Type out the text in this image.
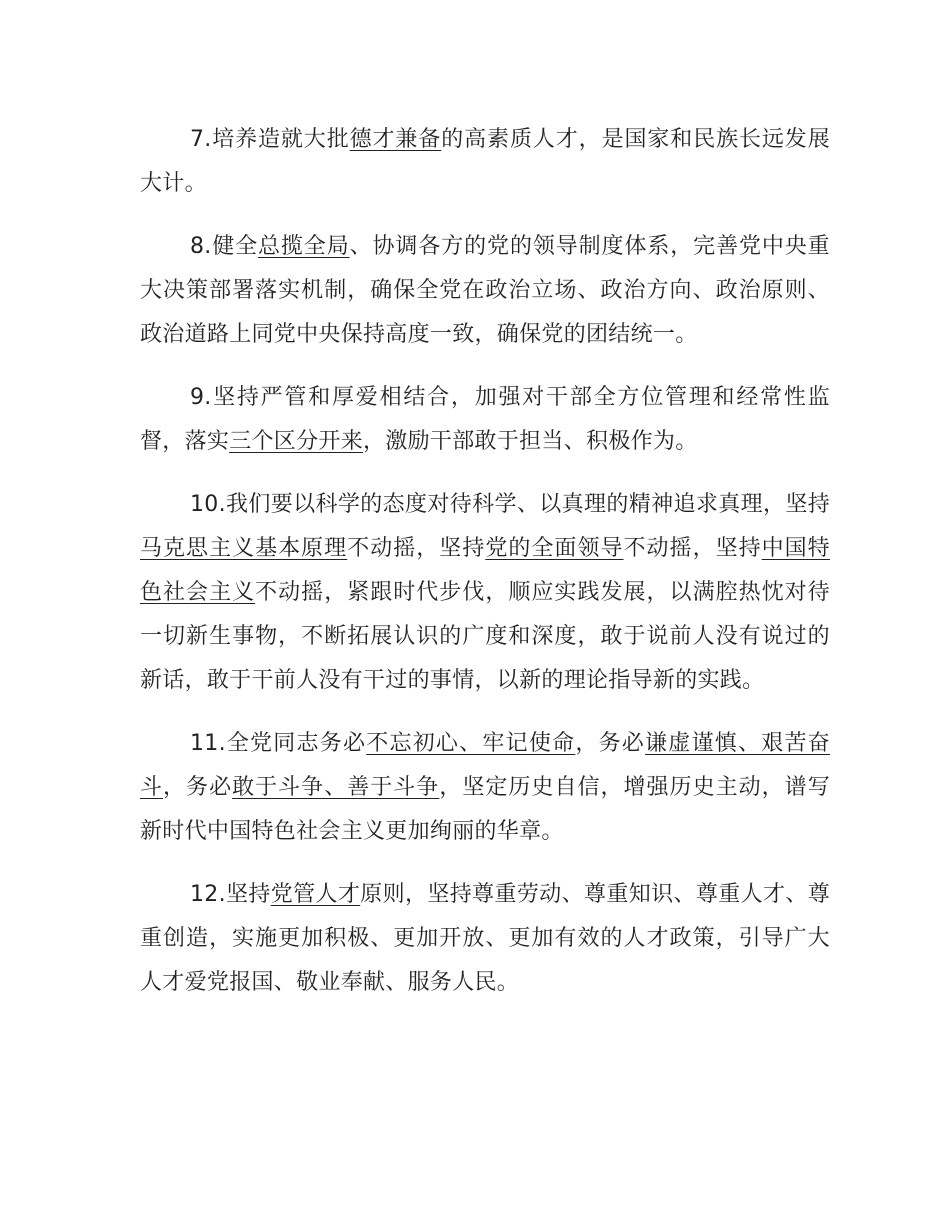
7.培养造就大批德才兼备的高素质人才，是国家和民族长远发展大计。

8.健全总揽全局、协调各方的党的领导制度体系，完善党中央重大决策部署落实机制，确保全党在政治立场、政治方向、政治原则、政治道路上同党中央保持高度一致，确保党的团结统一。

9.坚持严管和厚爱相结合，加强对干部全方位管理和经常性监督，落实三个区分开来，激励干部敢于担当、积极作为。

10.我们要以科学的态度对待科学、以真理的精神追求真理，坚持马克思主义基本原理不动摇，坚持党的全面领导不动摇，坚持中国特色社会主义不动摇，紧跟时代步伐，顺应实践发展，以满腔热忱对待一切新生事物，不断拓展认识的广度和深度，敢于说前人没有说过的新话，敢于干前人没有干过的事情，以新的理论指导新的实践。

11.全党同志务必不忘初心、牢记使命，务必谦虚谨慎、艰苦奋斗，务必敢于斗争、善于斗争，坚定历史自信，增强历史主动，谱写新时代中国特色社会主义更加绚丽的华章。

12.坚持党管人才原则，坚持尊重劳动、尊重知识、尊重人才、尊重创造，实施更加积极、更加开放、更加有效的人才政策，引导广大人才爱党报国、敬业奉献、服务人民。
